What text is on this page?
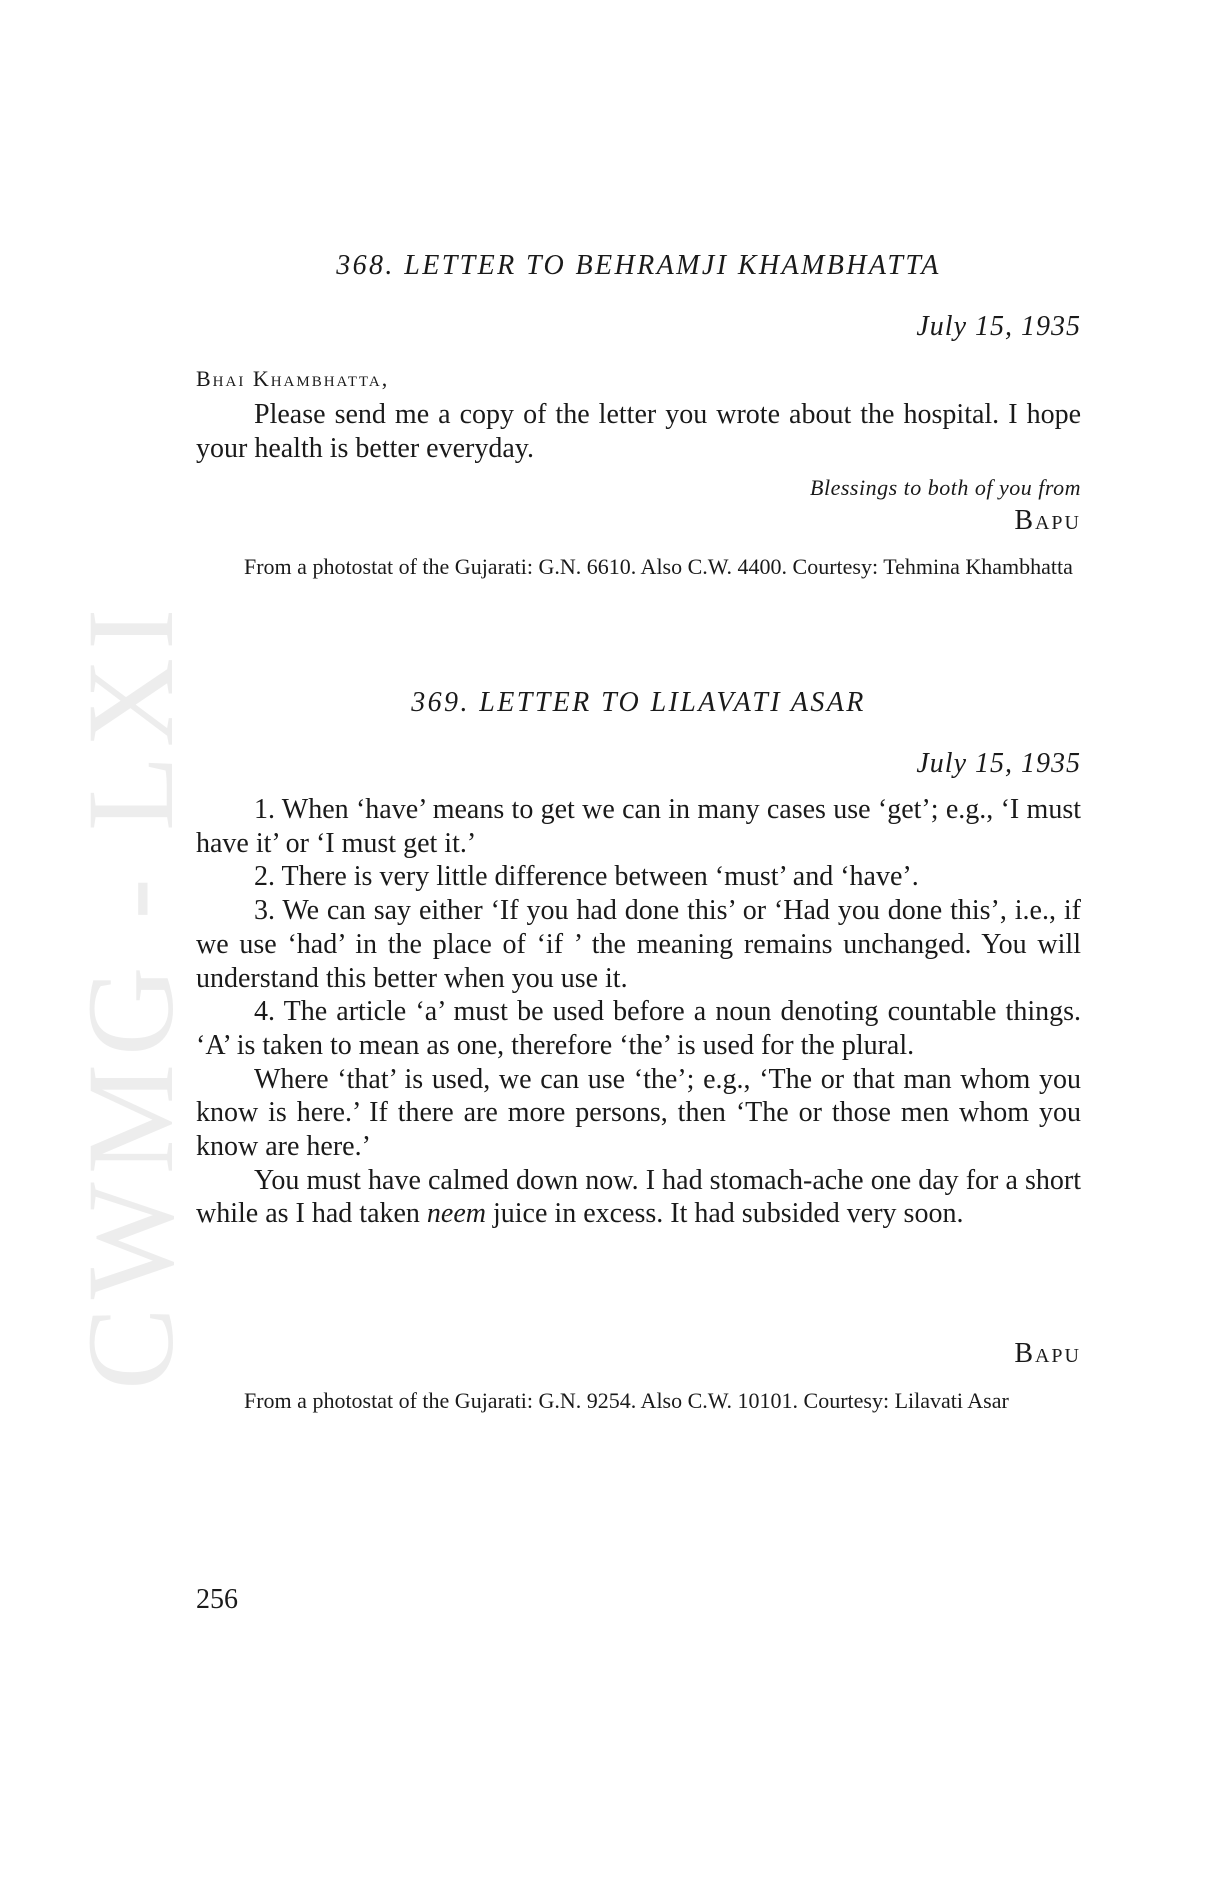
CWMG - LXI
368. LETTER TO BEHRAMJI KHAMBHATTA
July 15, 1935
Bhai Khambhatta,

Please send me a copy of the letter you wrote about the hospital. I hope your health is better everyday.

Blessings to both of you from
Bapu

From a photostat of the Gujarati: G.N. 6610. Also C.W. 4400. Courtesy: Tehmina Khambhatta

369. LETTER TO LILAVATI ASAR
July 15, 1935

1. When ‘have’ means to get we can in many cases use ‘get’; e.g., ‘I must have it’ or ‘I must get it.’

2. There is very little difference between ‘must’ and ‘have’.

3. We can say either ‘If you had done this’ or ‘Had you done this’, i.e., if we use ‘had’ in the place of ‘if ’ the meaning remains unchanged. You will understand this better when you use it.

4. The article ‘a’ must be used before a noun denoting countable things. ‘A’ is taken to mean as one, therefore ‘the’ is used for the plural.

Where ‘that’ is used, we can use ‘the’; e.g., ‘The or that man whom you know is here.’ If there are more persons, then ‘The or those men whom you know are here.’

You must have calmed down now. I had stomach-ache one day for a short while as I had taken neem juice in excess. It had subsided very soon.

Bapu

From a photostat of the Gujarati: G.N. 9254. Also C.W. 10101. Courtesy: Lilavati Asar

256
